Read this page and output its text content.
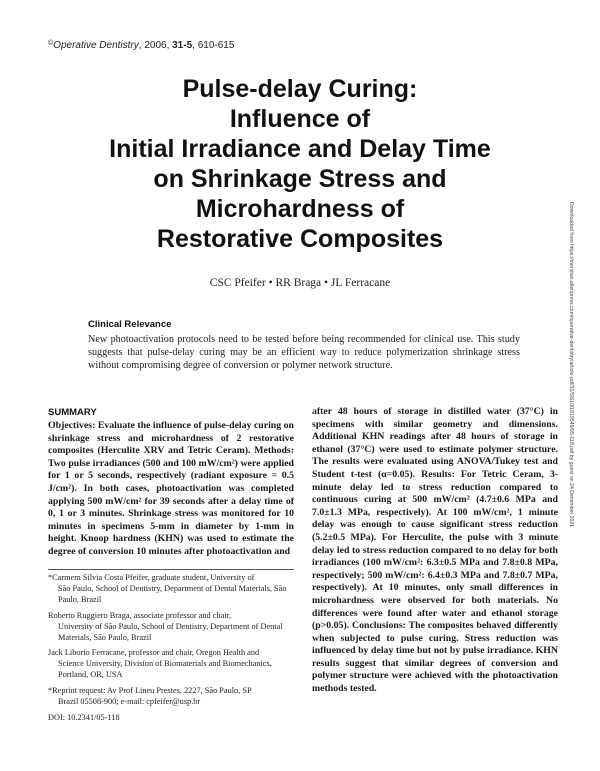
©Operative Dentistry, 2006, 31-5, 610-615
Pulse-delay Curing:
Influence of
Initial Irradiance and Delay Time
on Shrinkage Stress and
Microhardness of
Restorative Composites
CSC Pfeifer • RR Braga • JL Ferracane
Clinical Relevance
New photoactivation protocols need to be tested before being recommended for clinical use. This study suggests that pulse-delay curing may be an efficient way to reduce polymerization shrinkage stress without compromising degree of conversion or polymer network structure.
SUMMARY
Objectives: Evaluate the influence of pulse-delay curing on shrinkage stress and microhardness of 2 restorative composites (Herculite XRV and Tetric Ceram). Methods: Two pulse irradiances (500 and 100 mW/cm²) were applied for 1 or 5 seconds, respectively (radiant exposure = 0.5 J/cm²). In both cases, photoactivation was completed applying 500 mW/cm² for 39 seconds after a delay time of 0, 1 or 3 minutes. Shrinkage stress was monitored for 10 minutes in specimens 5-mm in diameter by 1-mm in height. Knoop hardness (KHN) was used to estimate the degree of conversion 10 minutes after photoactivation and
after 48 hours of storage in distilled water (37°C) in specimens with similar geometry and dimensions. Additional KHN readings after 48 hours of storage in ethanol (37°C) were used to estimate polymer structure. The results were evaluated using ANOVA/Tukey test and Student t-test (α=0.05). Results: For Tetric Ceram, 3-minute delay led to stress reduction compared to continuous curing at 500 mW/cm² (4.7±0.6 MPa and 7.0±1.3 MPa, respectively). At 100 mW/cm², 1 minute delay was enough to cause significant stress reduction (5.2±0.5 MPa). For Herculite, the pulse with 3 minute delay led to stress reduction compared to no delay for both irradiances (100 mW/cm²: 6.3±0.5 MPa and 7.8±0.8 MPa, respectively; 500 mW/cm²: 6.4±0.3 MPa and 7.8±0.7 MPa, respectively). At 10 minutes, only small differences in microhardness were observed for both materials. No differences were found after water and ethanol storage (p>0.05). Conclusions: The composites behaved differently when subjected to pulse curing. Stress reduction was influenced by delay time but not by pulse irradiance. KHN results suggest that similar degrees of conversion and polymer structure were achieved with the photoactivation methods tested.
*Carmem Silvia Costa Pfeifer, graduate student, University of
São Paulo, School of Dentistry, Department of Dental Materials, São Paulo, Brazil
Roberto Ruggiero Braga, associate professor and chair,
University of São Paulo, School of Dentistry, Department of Dental Materials, São Paulo, Brazil
Jack Liborio Ferracane, professor and chair, Oregon Health and
Science University, Division of Biomaterials and Biomechanics, Portland, OR, USA
*Reprint request: Av Prof Lineu Prestes, 2227, São Paulo, SP
Brazil 05508-900; e-mail: cpfeifer@usp.br
DOI: 10.2341/05-118
Downloaded from https://meridian.allenpress.com/operative-dentistry/article-pdf/31/5/610/1819549/05-118.pdf by guest on 24 December 2021
